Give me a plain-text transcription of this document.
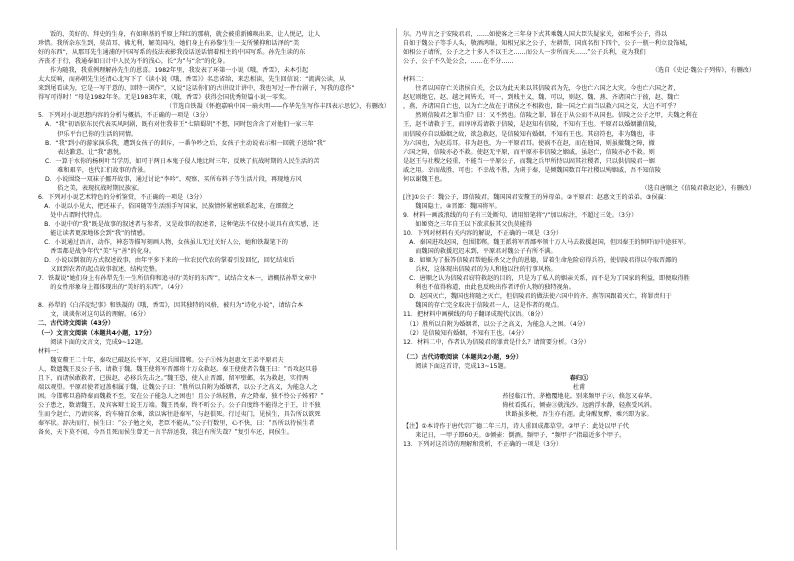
饭的、美好的、拜史的生身，有如卵基的乎原上拜红的那萌，就会被重新摊唤出来，让人悦记，让人
珍惜。我所杂东生到，莫苗耳、佛尤利，解美国内，她们身上有孙黎生生一支所懂抑和话泽的“美
好的东西”，从那耳先生通浦的中国写系的技法表影我没话送话情着相主的中国写系。孙先生读的东
齐丧才于行，我通奉如日计中人民为不的浅心，长“为”与“余”的化身。
作为随我，我重例理解孙先生的恩喜。1982年里，我发表了环第一小说《哦，香雪》，未本引起
太大反响，而孙朝先生还清心北写下了《读小说《哦，香雪》》名忠省给，来忠相读，先生回信说：“流满公读，从
来到尾看读为，它是一写干意的、回特一浏作”，又说“这话你们的古讲设计讲中，我也写过一件台剧子，写我的意作”
得写可得时！”母是1982年冬。无是1983年来，《哦，香雪》获得会国优秀短篇小说一零奖。
　　　　（节选自铁凝《怀抱嘉响中国一扇火明——作华先生写作丰四表示思忆》，有删改）
5．下列对小说思想内容的分析与概括，不正确的一项是（3分）
A．“我”初语依东民代表买风阿剧，既有对住我非王“七陪蜀胡”不想，同时包含含了对他们一家三年
　　伊乐平台已你的生活的同情。
B．“我”到小的游家演乐我，遭到女孩子的训斥，一番争吵之后，女孩子主动说表示相一回就子送给“我”
　　表达歉意，让“我”惠悦。
C．一算于水你的杨树叶当学历，如可于两日本鬼子侵人地比时三年，反映了抗战时期的人民生活的苦
　　难和艰辛，也代汇们故事的背景。
D．小说围绕一双袜子挪开故事，通过讨论“李吟”、观察、买所布料子等生活片段，再现地方风
　　俗之美，表现抗战时期民族家。
6．下列对小说艺术特色的分析鉴赏，不正确的一项是（3分）
　A．小说以小见大，把还袜子，俗国随等生活照手写国家，民族情怀紧密联系起来，在细微之
　　处中占谓时代特点。
　B．小说中的“我”既是故事的叙述者与参者，又是故事的叙述者，这种笔法不仅使小说具有真实感，还
　　能让读者更深地体会到“我”的情感。
　C．小说通过语言，动作，神态等描写刻画人物，女孩虽儿无过关好人公，她和铁凝笔下的
　　香雪都是战争年代“美”与“善”的化身。
　D．小说以倒叙的方式叙述故事，由年平多下来的一位农民代农的掌着引发回忆，回忆结束后
　　又回到农者的起点故事叙述，结构完整。
7．铁凝说“她们身上有孙犁先生一生所信仰和追寻的‘美好的东西’”，试结合文本一，请概括孙犁文章中
　　的女性形象身上都体现出的“美好的东西”。（4分）
8．孙犁的《白洋淀纪事》和铁凝的《哦，香雪》，因其独特的风格，被归为“诗化小说”，请结合本
　　文，谈谈你对这句话的理解。（6分）
二、古代诗文阅读（43分）
（一）文言文阅读（本题共4小题，17分）
　　阅读下面的文言文，完成9~12题。
材料一：
　　魏安釐王二十年，秦攻已破赵长平军，又进兵围邯郸。公子①姊为赵惠文王弟平原君夫
人，数遗魏王及公子书，请救于魏。魏王使将军晋鄙将十万众救赵。秦王使使者告魏王曰：“吾攻赵旦暮
且下，而诸侯敢救者，已拔赵，必移兵先击之。”魏王恐，使人止晋鄙，留军壁邺，名为救赵，实持两
端以观望。平原君使者冠盖相属于魏，让魏公子曰：“胜所以自附为婚姻者，以公子之高义，为能急人之
困。今邯郸旦暮降秦而魏救不至，安在公子能急人之困也！且公子纵轻胜，弃之降秦，独不怜公子姊邪？”
公子患之，数请魏王，及宾客辩士说王万端。魏王畏秦，终不听公子。公子自度终不能得之于王，计不独
生而令赵亡，乃请宾客，约车骑百余乘，欲以客往赴秦军，与赵俱死。行过夷门，见侯生，具告所以欲死
秦军状。辞决而行，侯生曰：“公子勉之矣，老臣不能从。”公子行数里，心不快，曰：“吾所以待侯生者
备矣，天下莫不闻，今吾且死而侯生曾无一言半辞送我，我岂有所失哉？”复引车还，问侯生。
尔。乃卑言之于安陵君君，……如使客之三年身下式其乘魏人国大臣失疑家关，如秘乎公子，得以
自如于魏公子等手人头，敬酒鸿耻，知相兄家之公子，左耕帮，国真名衔下四个，公子一瓶一利立设饰城，
如相公子请所，公子之之十多人不以王之……而公人一步所而天……”公子兵利，竟为我们
公子，公子不久处公会，……在不分……
　　　　　　　　　　　　　　　　　　（选自《史记·魏公子列传》，有删改）
材料二：
　　往者以国存亡关诸侯自关，会以为此天来以其信陵君为先，今也亡六国之大灾。今也亡六国之者，
赵尼则绝它，赵、越之间皆关，可一，到贱主义，魏、可以，则赵、魏、燕、齐诸国亡于彼，赵、魏亡
，燕、齐诸国自亡也，以为亡之故在于诸侯之不相救也，除一国之亡而当以救六国之交，大岂不可乎？
　　然则信陵君之罪当重？曰：又不然也。信陵之罪，罪在于从公而不从国也。信陵之公子之甲，夫魏之利在
王，赵不请救于王，而谆谆焉请救于信陵，是赵知有信陵，不知有王也。平原君以婚姻激信陵，
而信陵亦自以婚姻之故，欲急救赵，是信陵知有婚姻，不知有王也。其窃符也，非为魏也，非
为六国也，为赵焉耳。非为赵也，为一平原君耳。使祸不在赵，而在他国，则虽撤魏之障，撤
六国之障，信陵亦必不救。使赵无平原，而平原亦非信陵之姻戚，虽赵亡，信陵亦必不救。则
是赵王与社稷之轻重，不能当一平原公子，而魏之兵甲所恃以固其社稷者，只以供信陵君一姻
戚之用。幸而战胜，可也；不幸战不胜，为虏于秦，是倾魏国数百年社稷以殉姻戚，吾不知信陵
何以谢魏王也。
　　　　　　　　　　　　　　　　　　（选自唐顺之《信陵君救赵论》，有删改）
[注]①公子：魏公子，即信陵君，魏国国君安釐王的异母弟。②平原君：赵惠文王的弟弟。③侯赢：
　　魏国隐士。④晋鄙：魏国将军。
9．材料一画波浪线的句子有三处断句，请用铅笔将“/”加以标注，不超过三处。（3分）
　　如姬资之三年自王以下欲求报其父仇莫能得
10．下列对材料有关内容的解说，不正确的一项是（3分）
　A．秦国进攻赵国，包围邯郸，魏王派将军晋鄙率领十万人马去救援赵国，但因秦王的恫吓而中途驻军。
　　而魏国的救援迟迟未到，平原君对魏公子有所不满。
　B．如姬为了报答信陵君帮她报杀父之仇的恩德，冒着生命危险窃得兵符，使信陵君得以夺取晋鄙的
　　兵权，这体现出信陵君的为人和他以往的行事风格。
　C．唐顺之认为信陵君窃符救赵的目的，只是为了私人的姻亲关系，而不是为了国家的利益，即便取得胜
　　利也不值得称道，由此也反映出作者评价人物的独特视角。
　D．赵国灭亡，魏国也将随之灭亡，但信陵君的做法使六国中的齐、燕等国跟着灭亡，将罪责归于
　　魏国的存亡完全取决于信陵君一人，这是作者的观点。
11．把材料中画横线的句子翻译成现代汉语。（8分）
　（1）胜所以自附为婚姻者，以公子之高义，为能急人之困。（4分）
　（2）是信陵知有婚姻，不知有王也。（4分）
12．材料二中，作者认为信陵君的罪责是什么？请简要分析。（3分）
（二）古代诗歌阅读（本题共2小题，9分）
　　阅读下面这首诗，完成13~15题。
春归①
杜甫
苔径临江竹，茅檐覆地花。别来频甲子②，倏忽又春华。
倚杖看孤石，倾壶③就浅沙。远鸥浮水静，轻燕受风斜。
世路虽多梗，吾生亦有涯。此身醒复醉，乘兴即为家。
【注】①本诗作于唐代宗广德二年三月，诗人重回成都草堂。②甲子：此处以甲子代
　　来记日，一甲子即60天。③倾壶：倒酒。频甲子，“频甲子”指最近多个甲子。
13．下列对这首诗的理解和赏析，不正确的一项是（3分）
